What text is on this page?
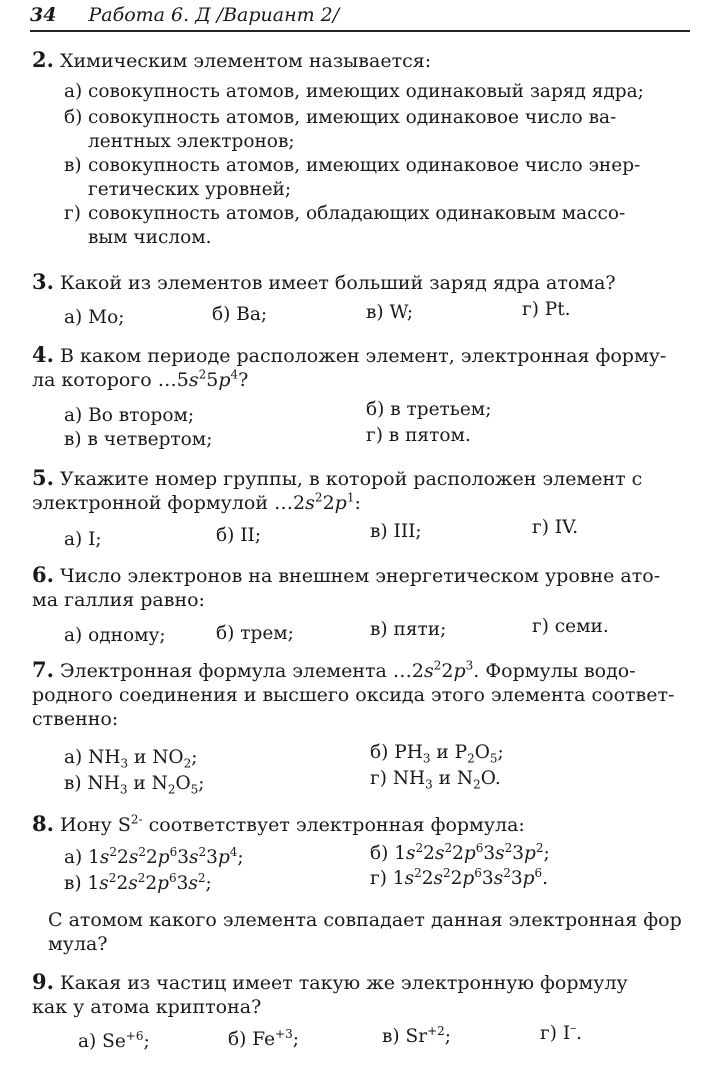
34 Работа 6. Д /Вариант 2/
2. Химическим элементом называется:
а) совокупность атомов, имеющих одинаковый заряд ядра;
б) совокупность атомов, имеющих одинаковое число ва-
лентных электронов;
в) совокупность атомов, имеющих одинаковое число энер-
гетических уровней;
г) совокупность атомов, обладающих одинаковым массо-
вым числом.
3. Какой из элементов имеет больший заряд ядра атома?
а) Mo;	б) Ba;	в) W;	г) Pt.
4. В каком периоде расположен элемент, электронная форму-
ла которого $\dots 5s^25p^4$?
а) Во втором;	б) в третьем;
в) в четвертом;	г) в пятом.
5. Укажите номер группы, в которой расположен элемент с
электронной формулой $\dots 2s^22p^1$:
а) I;	б) II;	в) III;	г) IV.
6. Число электронов на внешнем энергетическом уровне ато-
ма галлия равно:
а) одному;	б) трем;	в) пяти;	г) семи.
7. Электронная формула элемента $\dots 2s^22p^3$. Формулы водо-
родного соединения и высшего оксида этого элемента соответ-
ственно:
а) $NH_3$ и $NO_2$;	б) $PH_3$ и $P_2O_5$;
в) $NH_3$ и $N_2O_5$;	г) $NH_3$ и $N_2O$.
8. Иону $S^{2-}$ соответствует электронная формула:
а) $1s^22s^22p^63s^23p^4$;	б) $1s^22s^22p^63s^23p^2$;
в) $1s^22s^22p^63s^2$;	г) $1s^22s^22p^63s^23p^6$.
С атомом какого элемента совпадает данная электронная фор
мула?
9. Какая из частиц имеет такую же электронную формулу
как у атома криптона?
а) $Se^{+6}$;	б) $Fe^{+3}$;	в) $Sr^{+2}$;	г) I–.
